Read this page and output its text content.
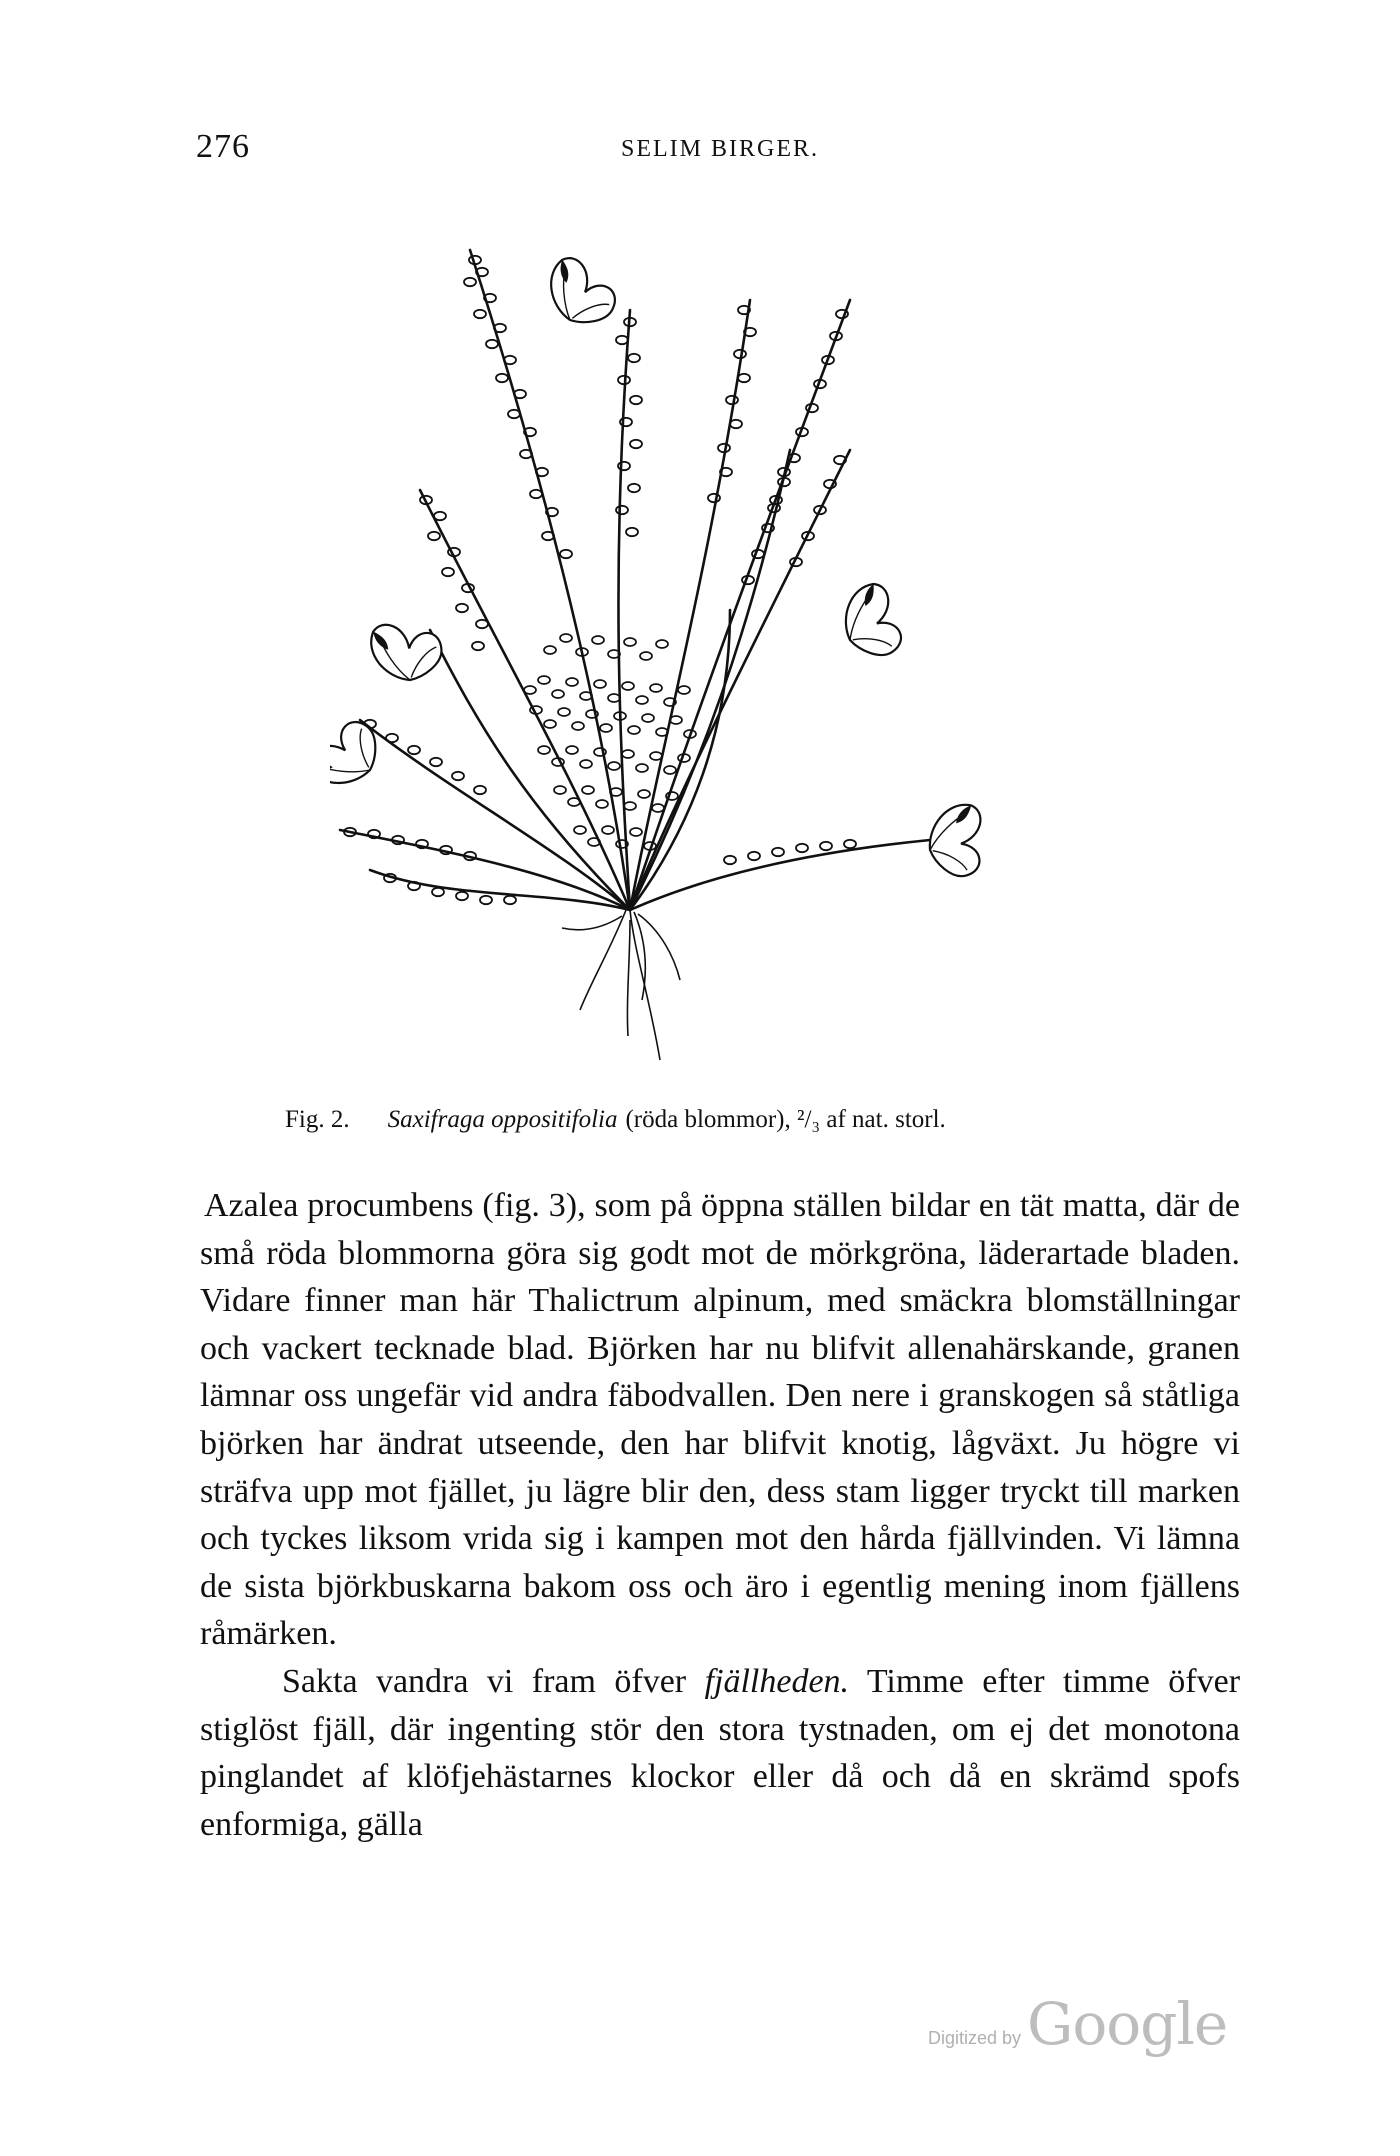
276	SELIM BIRGER.
Fig. 2. Saxifraga oppositifolia (röda blommor), ²/₃ af nat. storl.

Azalea procumbens (fig. 3), som på öppna ställen bildar en tät matta, där de små röda blommorna göra sig godt mot de mörkgröna, läderartade bladen. Vidare finner man här Thalictrum alpinum, med smäckra blomställningar och vackert tecknade blad. Björken har nu blifvit allenahärskande, granen lämnar oss ungefär vid andra fäbodvallen. Den nere i granskogen så ståtliga björken har ändrat utseende, den har blifvit knotig, lågväxt. Ju högre vi sträfva upp mot fjället, ju lägre blir den, dess stam ligger tryckt till marken och tyckes liksom vrida sig i kampen mot den hårda fjällvinden. Vi lämna de sista björkbuskarna bakom oss och äro i egentlig mening inom fjällens råmärken.

Sakta vandra vi fram öfver fjällheden. Timme efter timme öfver stiglöst fjäll, där ingenting stör den stora tystnaden, om ej det monotona pinglandet af klöfjehästarnes klockor eller då och då en skrämd spofs enformiga, gälla

Digitized by Google
